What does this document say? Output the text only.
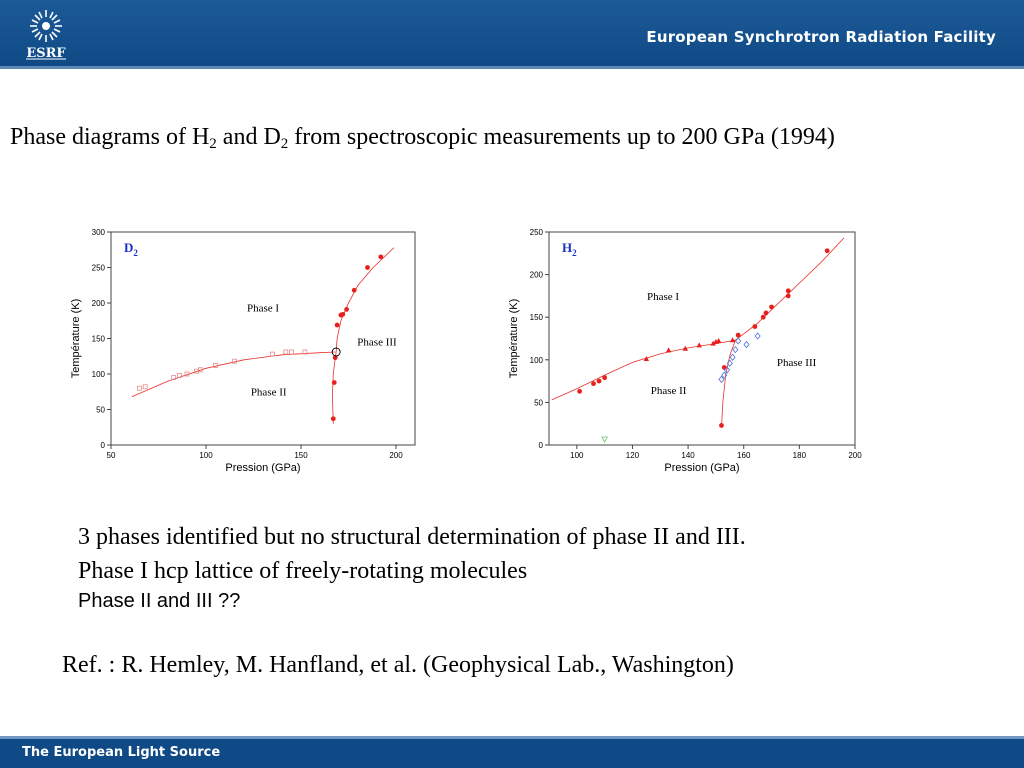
ESRF
European Synchrotron Radiation Facility
Phase diagrams of $H_2$ and $D_2$ from spectroscopic measurements up to 200 GPa (1994)
50	100	150	200
0
50
100
150
200
250
300
Pression (GPa)
Température (K)	Phase I
Phase III
Phase II
$D_2$
100	120	140	160	180	200
0
50
100
150
200
250
Pression (GPa)
Température (K)
Phase I
Phase III
Phase II
$H_2$
3 phases identified but no structural determination of phase II and III.
Phase I hcp lattice of freely-rotating molecules
Phase II and III ??
Ref. : R. Hemley, M. Hanfland, et al. (Geophysical Lab., Washington)
The European Light Source
